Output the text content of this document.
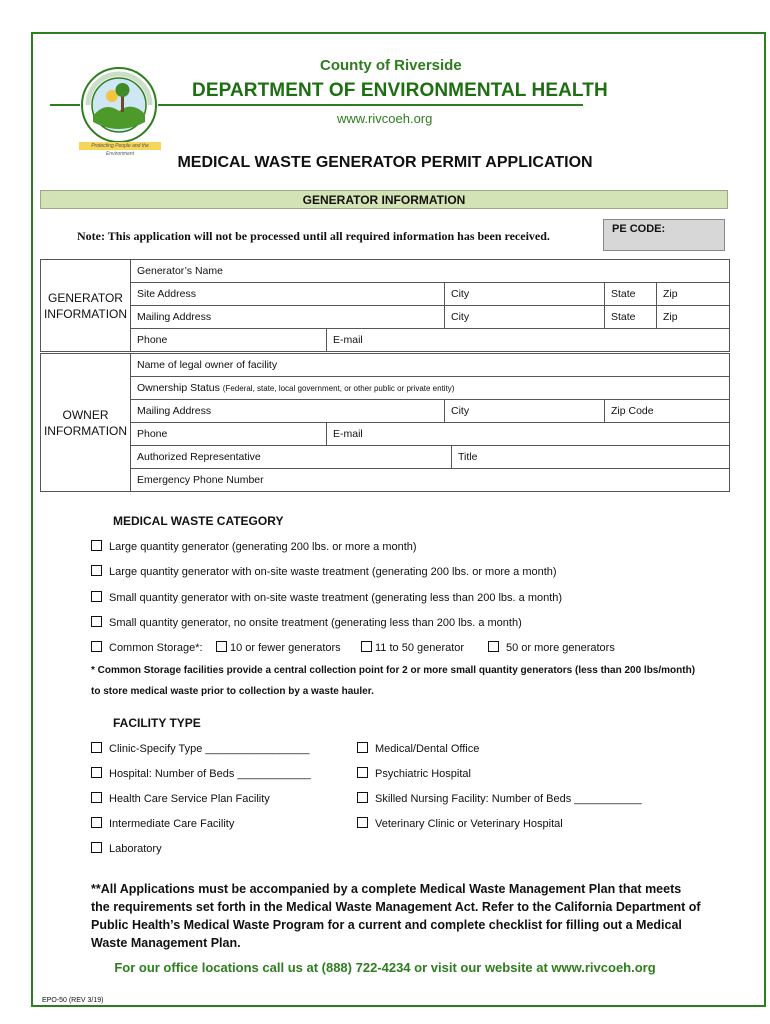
Protecting People and the Environment
County of Riverside
DEPARTMENT OF ENVIRONMENTAL HEALTH
www.rivcoeh.org
MEDICAL WASTE GENERATOR PERMIT APPLICATION
GENERATOR INFORMATION
Note: This application will not be processed until all required information has been received.	PE CODE:
GENERATOR
INFORMATION	Generator’s Name				
	Site Address		City	State	Zip
	Mailing Address		City	State	Zip
	Phone	E-mail			
OWNER
INFORMATION	Name of legal owner of facility				
	Ownership Status (Federal, state, local government, or other public or private entity)				
	Mailing Address		City		Zip Code
	Phone	E-mail			
	Authorized Representative			Title	
	Emergency Phone Number				
MEDICAL WASTE CATEGORY
Large quantity generator (generating 200 lbs. or more a month)
Large quantity generator with on-site waste treatment (generating 200 lbs. or more a month)
Small quantity generator with on-site waste treatment (generating less than 200 lbs. a month)
Small quantity generator, no onsite treatment (generating less than 200 lbs. a month)
Common Storage*:	10 or fewer generators	11 to 50 generator	50 or more generators
* Common Storage facilities provide a central collection point for 2 or more small quantity generators (less than 200 lbs/month)
to store medical waste prior to collection by a waste hauler.
FACILITY TYPE
Clinic-Specify Type _________________
Hospital: Number of Beds ____________
Health Care Service Plan Facility
Intermediate Care Facility
Laboratory
Medical/Dental Office
Psychiatric Hospital
Skilled Nursing Facility: Number of Beds ___________
Veterinary Clinic or Veterinary Hospital
**All Applications must be accompanied by a complete Medical Waste Management Plan that meets the requirements set forth in the Medical Waste Management Act. Refer to the California Department of Public Health’s Medical Waste Program for a current and complete checklist for filling out a Medical Waste Management Plan.
For our office locations call us at (888) 722-4234 or visit our website at www.rivcoeh.org
EPO-50 (REV 3/19)
